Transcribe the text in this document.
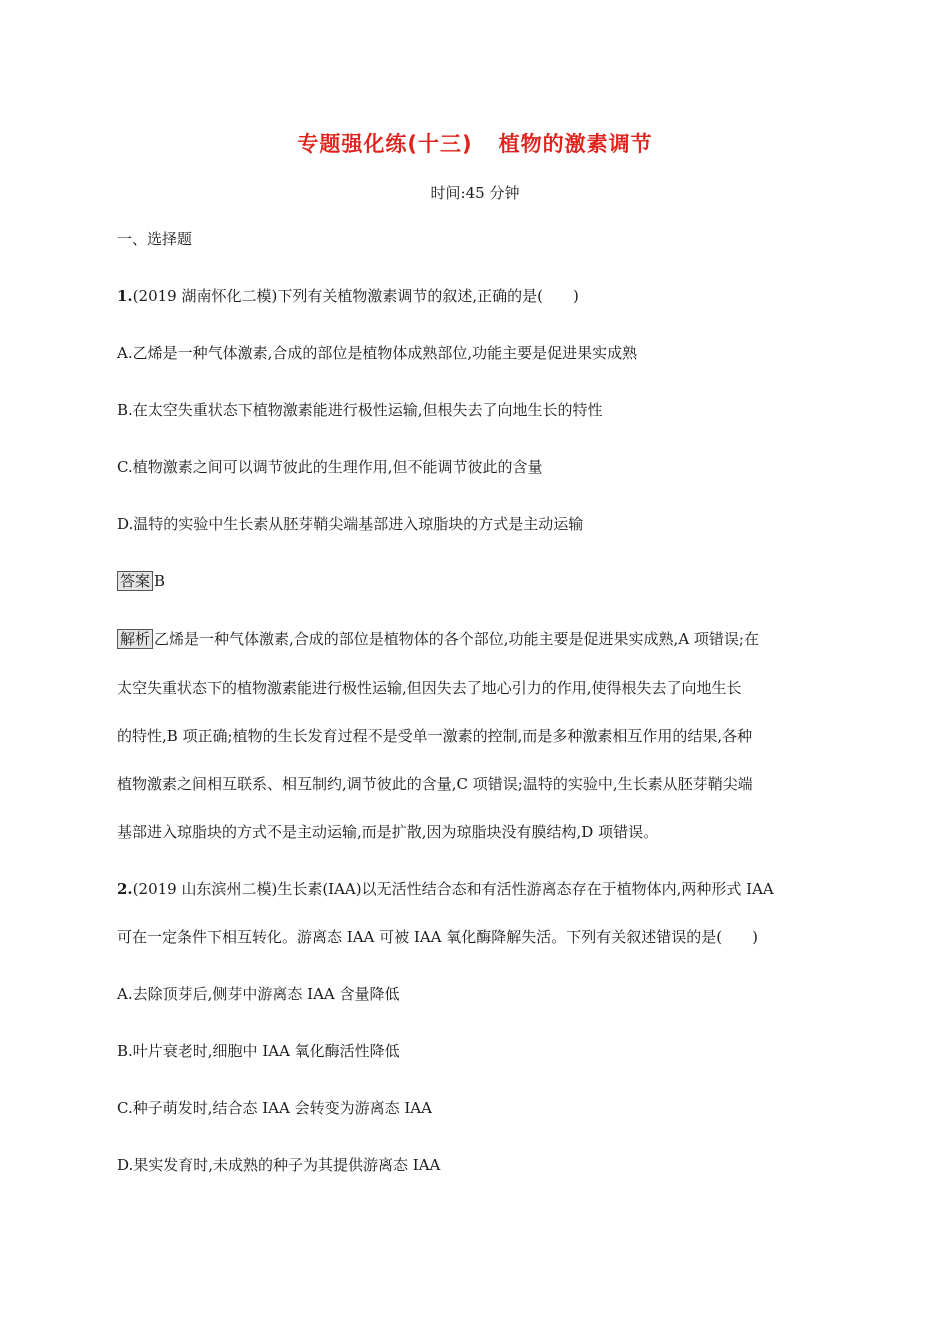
专题强化练(十三) 植物的激素调节
时间:45 分钟
一、选择题
1.(2019 湖南怀化二模)下列有关植物激素调节的叙述,正确的是(　　)
A.乙烯是一种气体激素,合成的部位是植物体成熟部位,功能主要是促进果实成熟
B.在太空失重状态下植物激素能进行极性运输,但根失去了向地生长的特性
C.植物激素之间可以调节彼此的生理作用,但不能调节彼此的含量
D.温特的实验中生长素从胚芽鞘尖端基部进入琼脂块的方式是主动运输
答案 B
解析 乙烯是一种气体激素,合成的部位是植物体的各个部位,功能主要是促进果实成熟,A 项错误;在
太空失重状态下的植物激素能进行极性运输,但因失去了地心引力的作用,使得根失去了向地生长
的特性,B 项正确;植物的生长发育过程不是受单一激素的控制,而是多种激素相互作用的结果,各种
植物激素之间相互联系、相互制约,调节彼此的含量,C 项错误;温特的实验中,生长素从胚芽鞘尖端
基部进入琼脂块的方式不是主动运输,而是扩散,因为琼脂块没有膜结构,D 项错误。
2.(2019 山东滨州二模)生长素(IAA)以无活性结合态和有活性游离态存在于植物体内,两种形式 IAA
可在一定条件下相互转化。游离态 IAA 可被 IAA 氧化酶降解失活。下列有关叙述错误的是(　　)
A.去除顶芽后,侧芽中游离态 IAA 含量降低
B.叶片衰老时,细胞中 IAA 氧化酶活性降低
C.种子萌发时,结合态 IAA 会转变为游离态 IAA
D.果实发育时,未成熟的种子为其提供游离态 IAA
